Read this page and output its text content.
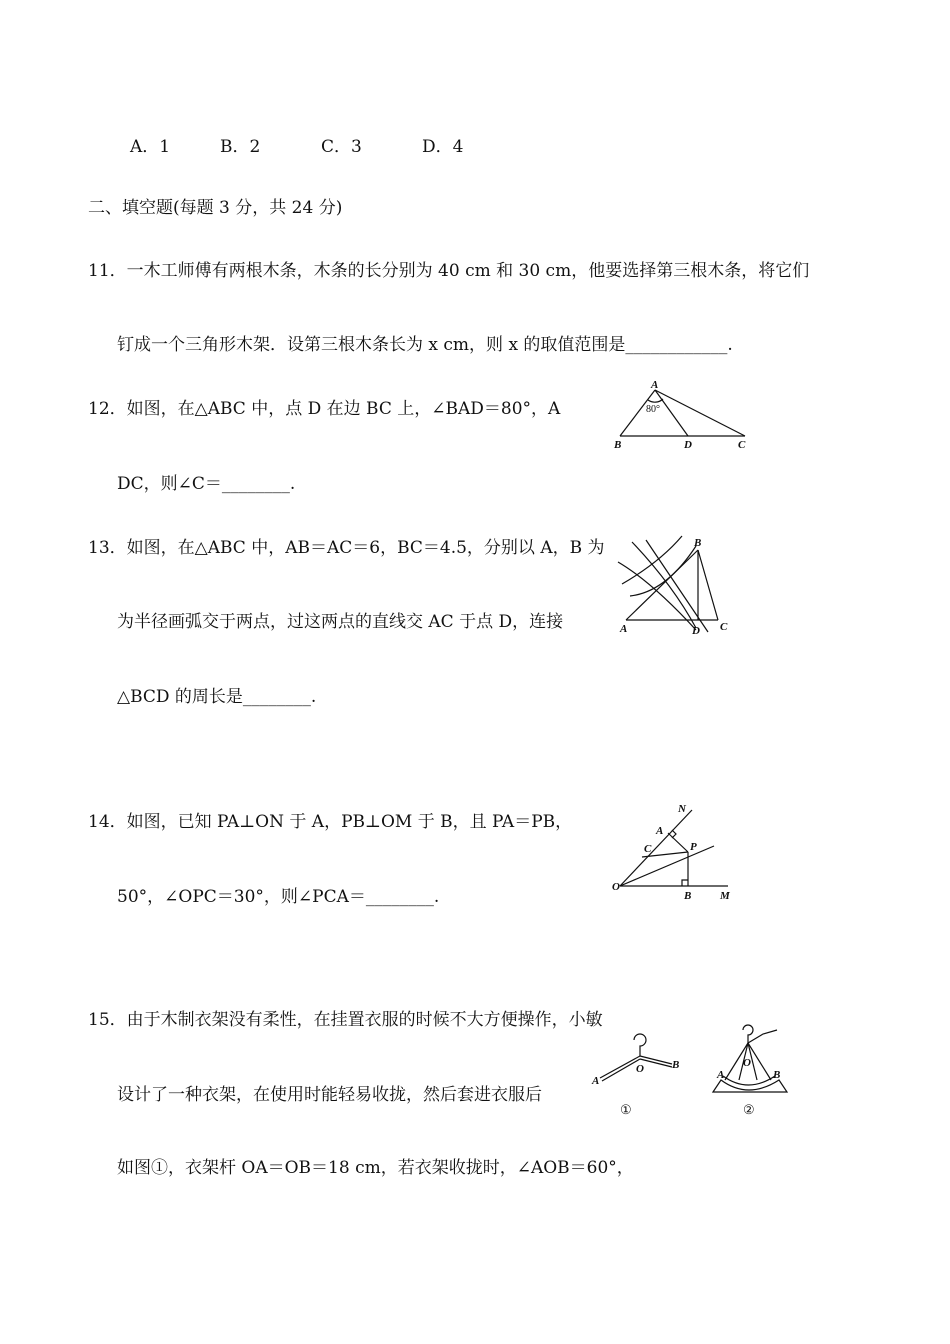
A．1	B．2	C．3	D．4
二、填空题(每题 3 分，共 24 分)
11．一木工师傅有两根木条，木条的长分别为 40 cm 和 30 cm，他要选择第三根木条，将它们
钉成一个三角形木架．设第三根木条长为 x cm，则 x 的取值范围是____________.
12．如图，在△ABC 中，点 D 在边 BC 上，∠BAD＝80°，A
DC，则∠C＝________.
A
80°
B	D	C
13．如图，在△ABC 中，AB＝AC＝6，BC＝4.5，分别以 A，B 为
为半径画弧交于两点，过这两点的直线交 AC 于点 D，连接
△BCD 的周长是________.
B
A	D C
14．如图，已知 PA⊥ON 于 A，PB⊥OM 于 B，且 PA＝PB，
50°，∠OPC＝30°，则∠PCA＝________.
N
A
C	P
O
B	M
15．由于木制衣架没有柔性，在挂置衣服的时候不大方便操作，小敏
设计了一种衣架，在使用时能轻易收拢，然后套进衣服后
如图①，衣架杆 OA＝OB＝18 cm，若衣架收拢时，∠AOB＝60°，
A
O	B
①
A
O
B
②
